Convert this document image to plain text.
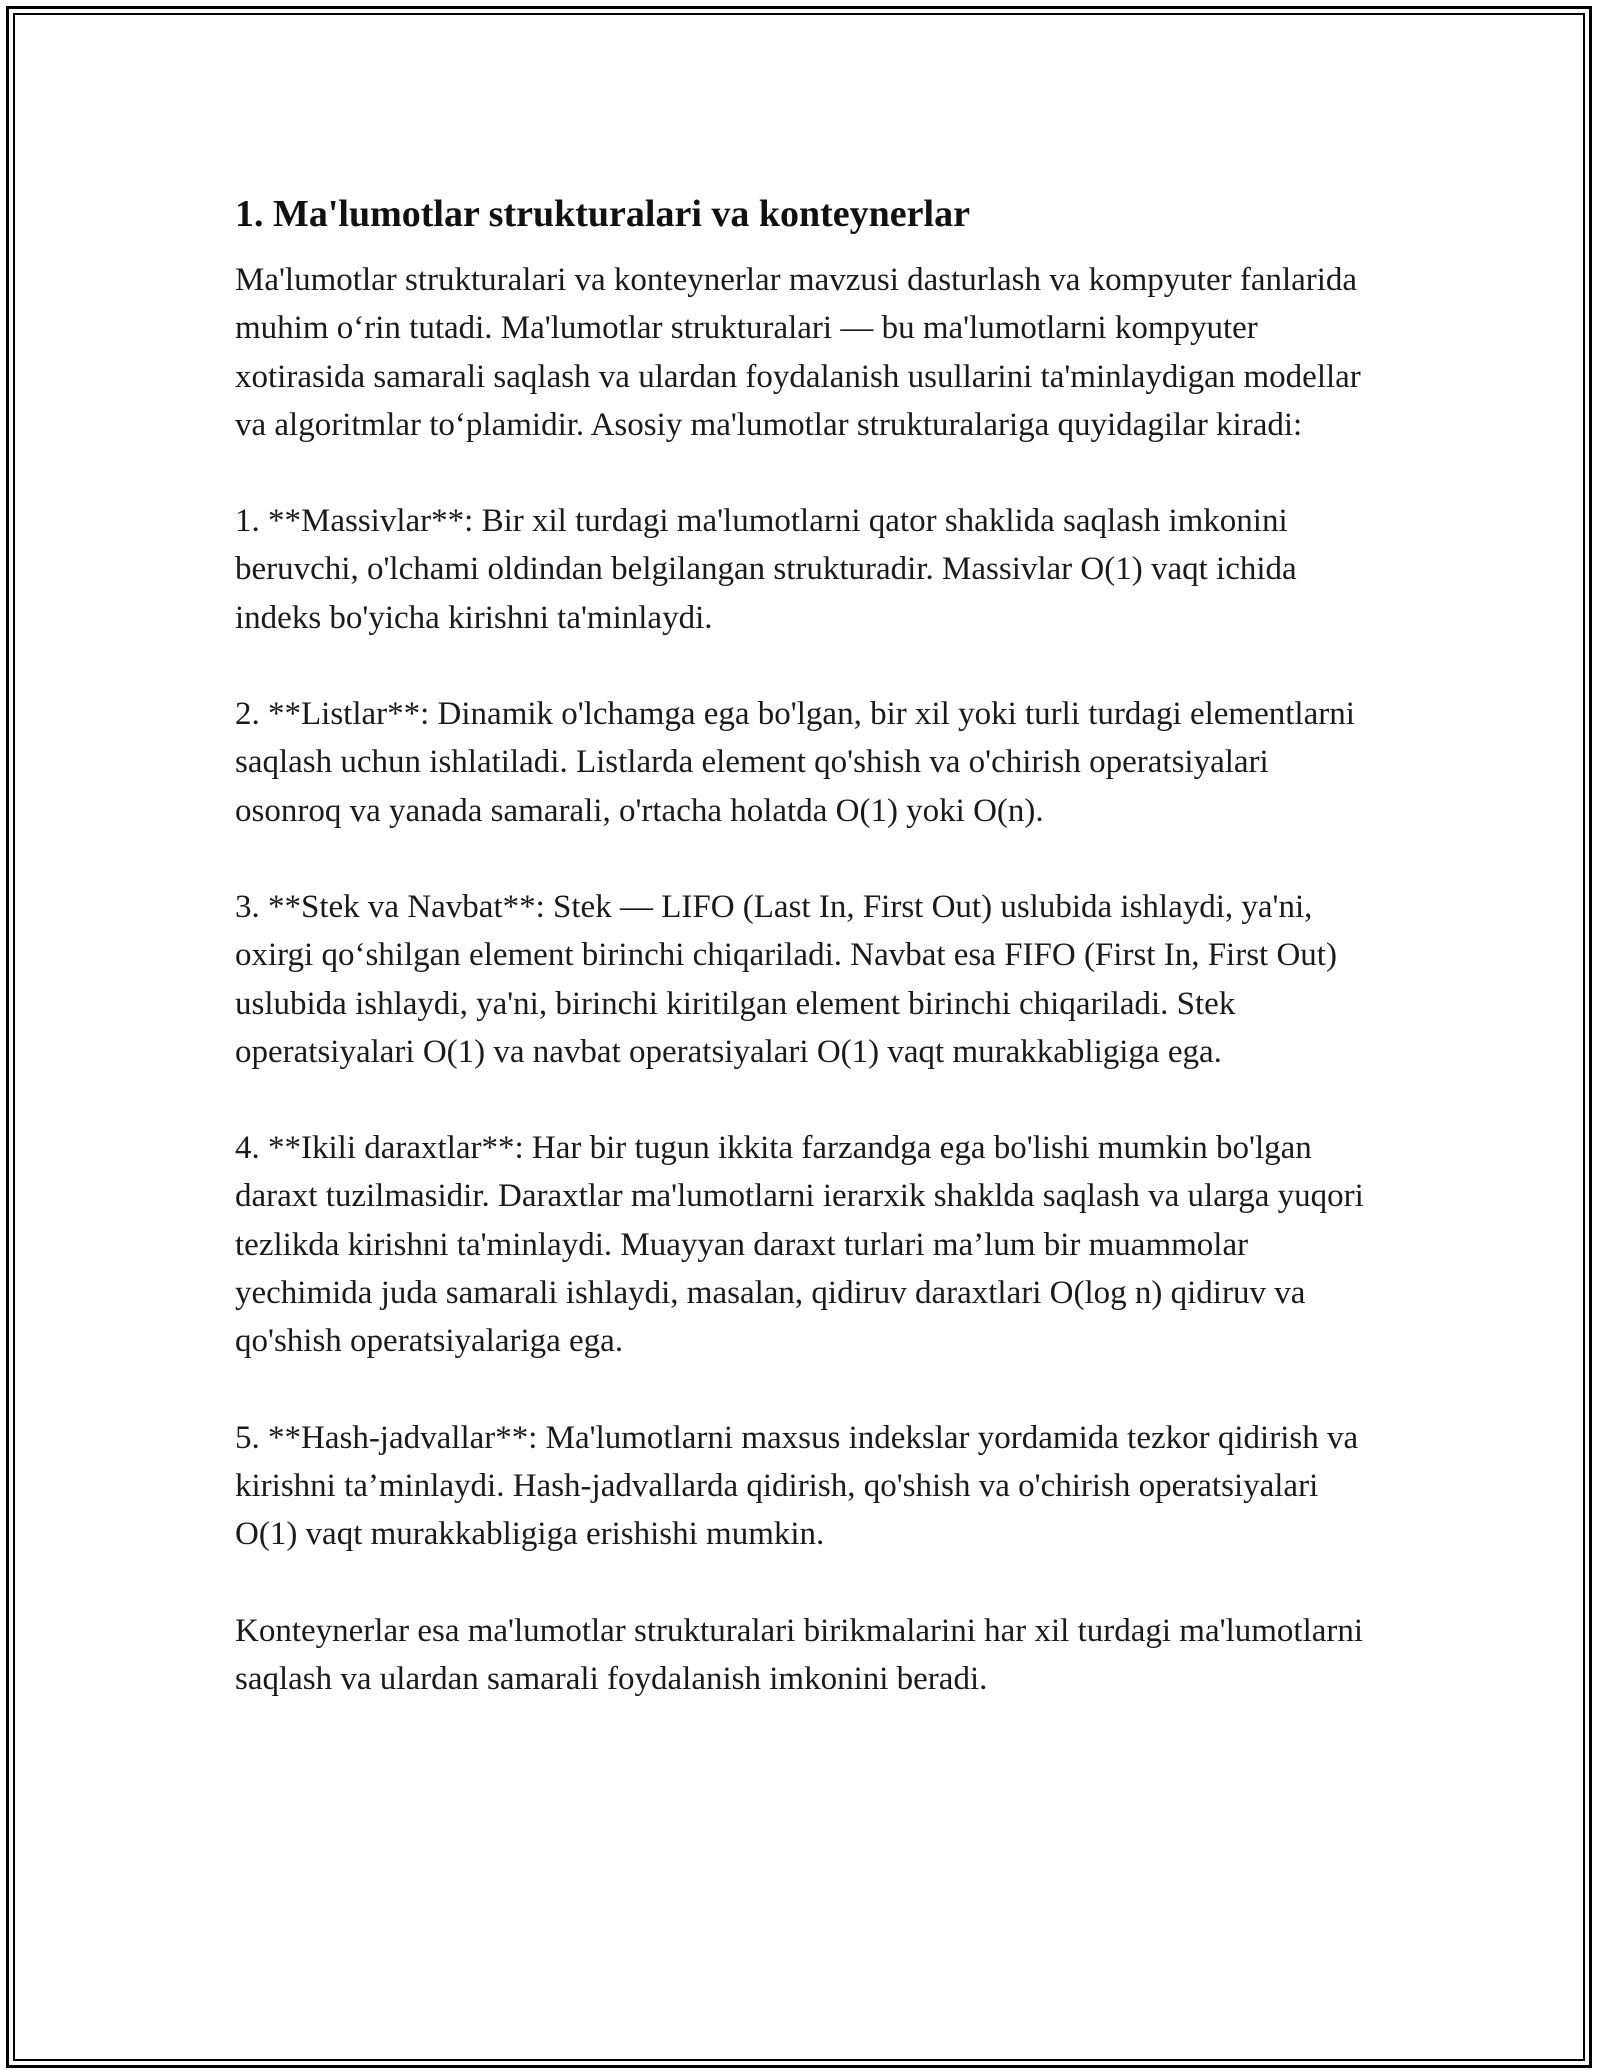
1. Ma'lumotlar strukturalari va konteynerlar

Ma'lumotlar strukturalari va konteynerlar mavzusi dasturlash va kompyuter fanlarida muhim o‘rin tutadi. Ma'lumotlar strukturalari — bu ma'lumotlarni kompyuter xotirasida samarali saqlash va ulardan foydalanish usullarini ta'minlaydigan modellar va algoritmlar to‘plamidir. Asosiy ma'lumotlar strukturalariga quyidagilar kiradi:

1. **Massivlar**: Bir xil turdagi ma'lumotlarni qator shaklida saqlash imkonini beruvchi, o'lchami oldindan belgilangan strukturadir. Massivlar O(1) vaqt ichida indeks bo'yicha kirishni ta'minlaydi.

2. **Listlar**: Dinamik o'lchamga ega bo'lgan, bir xil yoki turli turdagi elementlarni saqlash uchun ishlatiladi. Listlarda element qo'shish va o'chirish operatsiyalari osonroq va yanada samarali, o'rtacha holatda O(1) yoki O(n).

3. **Stek va Navbat**: Stek — LIFO (Last In, First Out) uslubida ishlaydi, ya'ni, oxirgi qo‘shilgan element birinchi chiqariladi. Navbat esa FIFO (First In, First Out) uslubida ishlaydi, ya'ni, birinchi kiritilgan element birinchi chiqariladi. Stek operatsiyalari O(1) va navbat operatsiyalari O(1) vaqt murakkabligiga ega.

4. **Ikili daraxtlar**: Har bir tugun ikkita farzandga ega bo'lishi mumkin bo'lgan daraxt tuzilmasidir. Daraxtlar ma'lumotlarni ierarxik shaklda saqlash va ularga yuqori tezlikda kirishni ta'minlaydi. Muayyan daraxt turlari ma’lum bir muammolar yechimida juda samarali ishlaydi, masalan, qidiruv daraxtlari O(log n) qidiruv va qo'shish operatsiyalariga ega.

5. **Hash-jadvallar**: Ma'lumotlarni maxsus indekslar yordamida tezkor qidirish va kirishni ta’minlaydi. Hash-jadvallarda qidirish, qo'shish va o'chirish operatsiyalari O(1) vaqt murakkabligiga erishishi mumkin.

Konteynerlar esa ma'lumotlar strukturalari birikmalarini har xil turdagi ma'lumotlarni saqlash va ulardan samarali foydalanish imkonini beradi.
